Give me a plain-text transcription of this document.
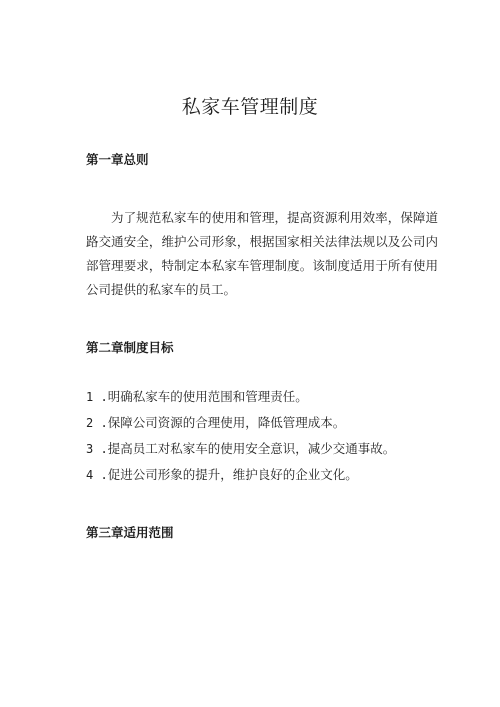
私家车管理制度
第一章总则
为了规范私家车的使用和管理，提高资源利用效率，保障道路交通安全，维护公司形象，根据国家相关法律法规以及公司内部管理要求，特制定本私家车管理制度。该制度适用于所有使用公司提供的私家车的员工。
第二章制度目标
1 .明确私家车的使用范围和管理责任。
2 .保障公司资源的合理使用，降低管理成本。
3 .提高员工对私家车的使用安全意识，减少交通事故。
4 .促进公司形象的提升，维护良好的企业文化。
第三章适用范围
